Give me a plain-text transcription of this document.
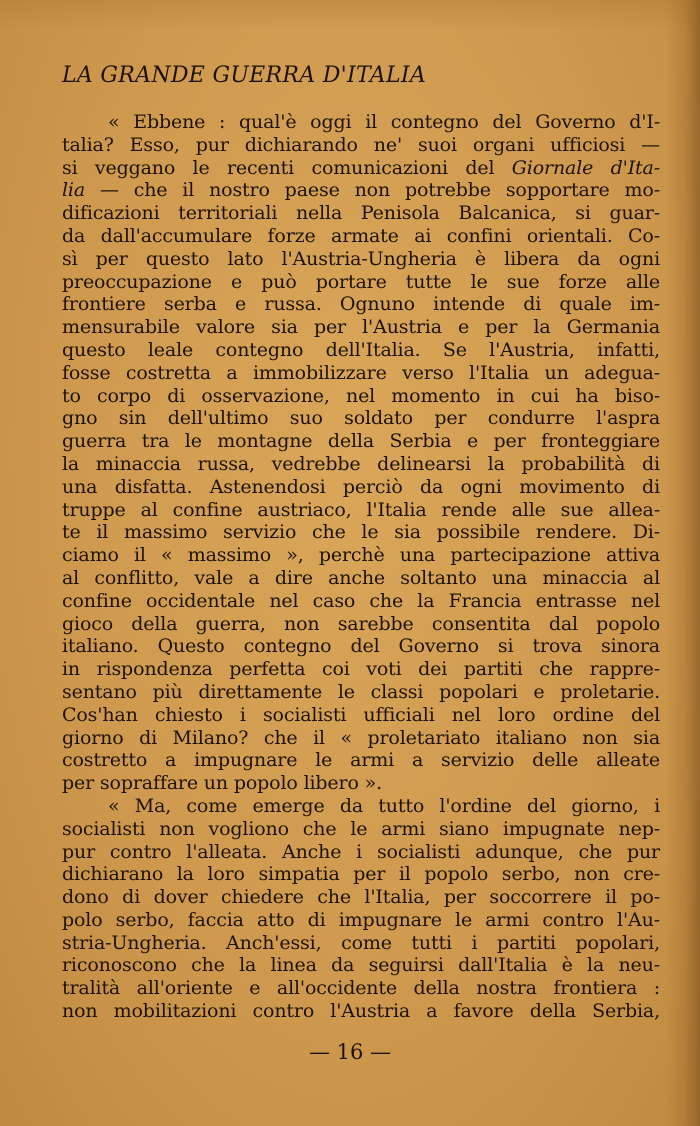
LA GRANDE GUERRA D'ITALIA
« Ebbene : qual'è oggi il contegno del Governo d'I-
talia? Esso, pur dichiarando ne' suoi organi ufficiosi —
si veggano le recenti comunicazioni del Giornale d'Ita-
lia — che il nostro paese non potrebbe sopportare mo-
dificazioni territoriali nella Penisola Balcanica, si guar-
da dall'accumulare forze armate ai confini orientali. Co-
sì per questo lato l'Austria-Ungheria è libera da ogni
preoccupazione e può portare tutte le sue forze alle
frontiere serba e russa. Ognuno intende di quale im-
mensurabile valore sia per l'Austria e per la Germania
questo leale contegno dell'Italia. Se l'Austria, infatti,
fosse costretta a immobilizzare verso l'Italia un adegua-
to corpo di osservazione, nel momento in cui ha biso-
gno sin dell'ultimo suo soldato per condurre l'aspra
guerra tra le montagne della Serbia e per fronteggiare
la minaccia russa, vedrebbe delinearsi la probabilità di
una disfatta. Astenendosi perciò da ogni movimento di
truppe al confine austriaco, l'Italia rende alle sue allea-
te il massimo servizio che le sia possibile rendere. Di-
ciamo il « massimo », perchè una partecipazione attiva
al conflitto, vale a dire anche soltanto una minaccia al
confine occidentale nel caso che la Francia entrasse nel
gioco della guerra, non sarebbe consentita dal popolo
italiano. Questo contegno del Governo si trova sinora
in rispondenza perfetta coi voti dei partiti che rappre-
sentano più direttamente le classi popolari e proletarie.
Cos'han chiesto i socialisti ufficiali nel loro ordine del
giorno di Milano? che il « proletariato italiano non sia
costretto a impugnare le armi a servizio delle alleate
per sopraffare un popolo libero ».
« Ma, come emerge da tutto l'ordine del giorno, i
socialisti non vogliono che le armi siano impugnate nep-
pur contro l'alleata. Anche i socialisti adunque, che pur
dichiarano la loro simpatia per il popolo serbo, non cre-
dono di dover chiedere che l'Italia, per soccorrere il po-
polo serbo, faccia atto di impugnare le armi contro l'Au-
stria-Ungheria. Anch'essi, come tutti i partiti popolari,
riconoscono che la linea da seguirsi dall'Italia è la neu-
tralità all'oriente e all'occidente della nostra frontiera :
non mobilitazioni contro l'Austria a favore della Serbia,
— 16 —
